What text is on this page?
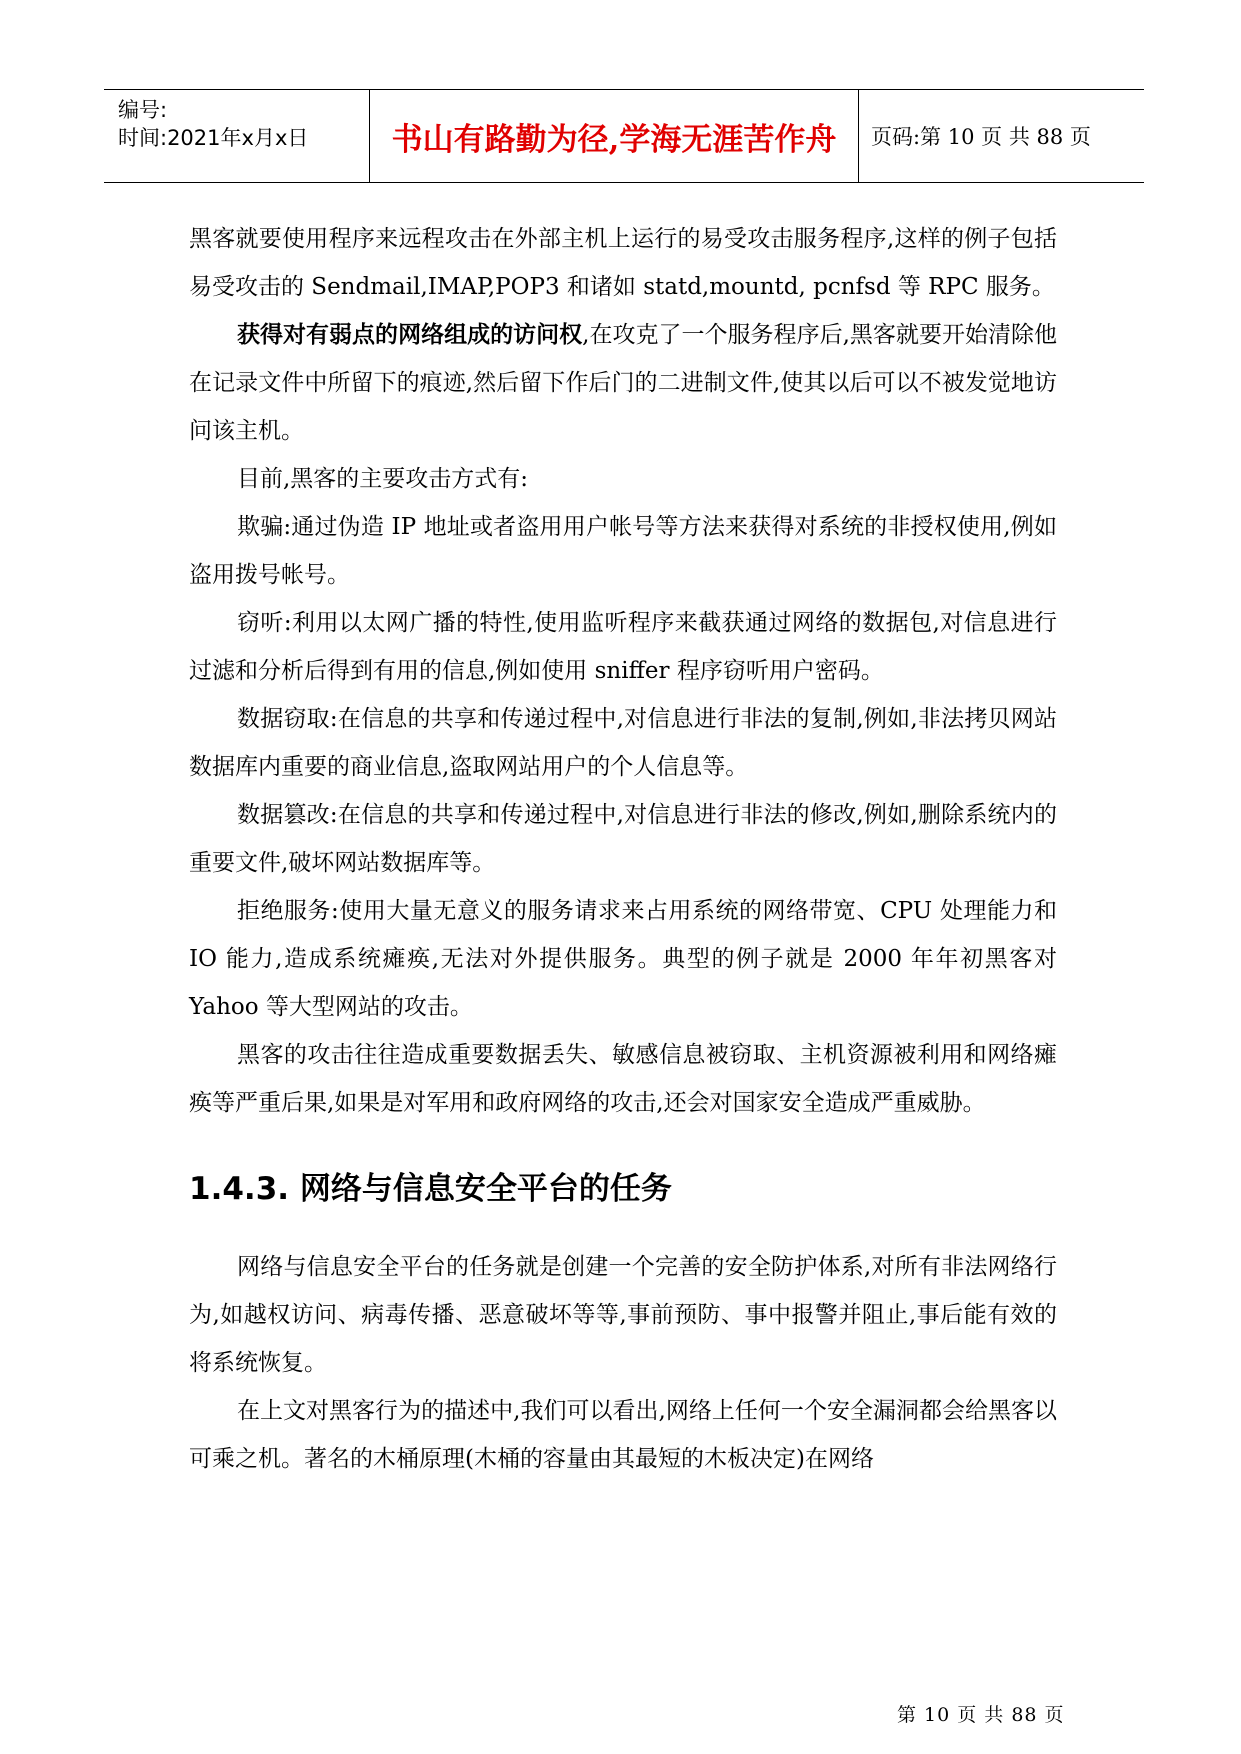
编号:
时间:2021年x月x日	书山有路勤为径,学海无涯苦作舟 页码:第 10 页 共 88 页

黑客就要使用程序来远程攻击在外部主机上运行的易受攻击服务程序,这样的例子包括易受攻击的 Sendmail,IMAP,POP3 和诸如 statd,mountd, pcnfsd 等 RPC 服务。

获得对有弱点的网络组成的访问权,在攻克了一个服务程序后,黑客就要开始清除他在记录文件中所留下的痕迹,然后留下作后门的二进制文件,使其以后可以不被发觉地访问该主机。

目前,黑客的主要攻击方式有:

欺骗:通过伪造 IP 地址或者盗用用户帐号等方法来获得对系统的非授权使用,例如盗用拨号帐号。

窃听:利用以太网广播的特性,使用监听程序来截获通过网络的数据包,对信息进行过滤和分析后得到有用的信息,例如使用 sniffer 程序窃听用户密码。

数据窃取:在信息的共享和传递过程中,对信息进行非法的复制,例如,非法拷贝网站数据库内重要的商业信息,盗取网站用户的个人信息等。

数据篡改:在信息的共享和传递过程中,对信息进行非法的修改,例如,删除系统内的重要文件,破坏网站数据库等。

拒绝服务:使用大量无意义的服务请求来占用系统的网络带宽、CPU 处理能力和 IO 能力,造成系统瘫痪,无法对外提供服务。典型的例子就是 2000 年年初黑客对 Yahoo 等大型网站的攻击。

黑客的攻击往往造成重要数据丢失、敏感信息被窃取、主机资源被利用和网络瘫痪等严重后果,如果是对军用和政府网络的攻击,还会对国家安全造成严重威胁。

1.4.3. 网络与信息安全平台的任务

网络与信息安全平台的任务就是创建一个完善的安全防护体系,对所有非法网络行为,如越权访问、病毒传播、恶意破坏等等,事前预防、事中报警并阻止,事后能有效的将系统恢复。

在上文对黑客行为的描述中,我们可以看出,网络上任何一个安全漏洞都会给黑客以可乘之机。著名的木桶原理(木桶的容量由其最短的木板决定)在网络

第 10 页 共 88 页
